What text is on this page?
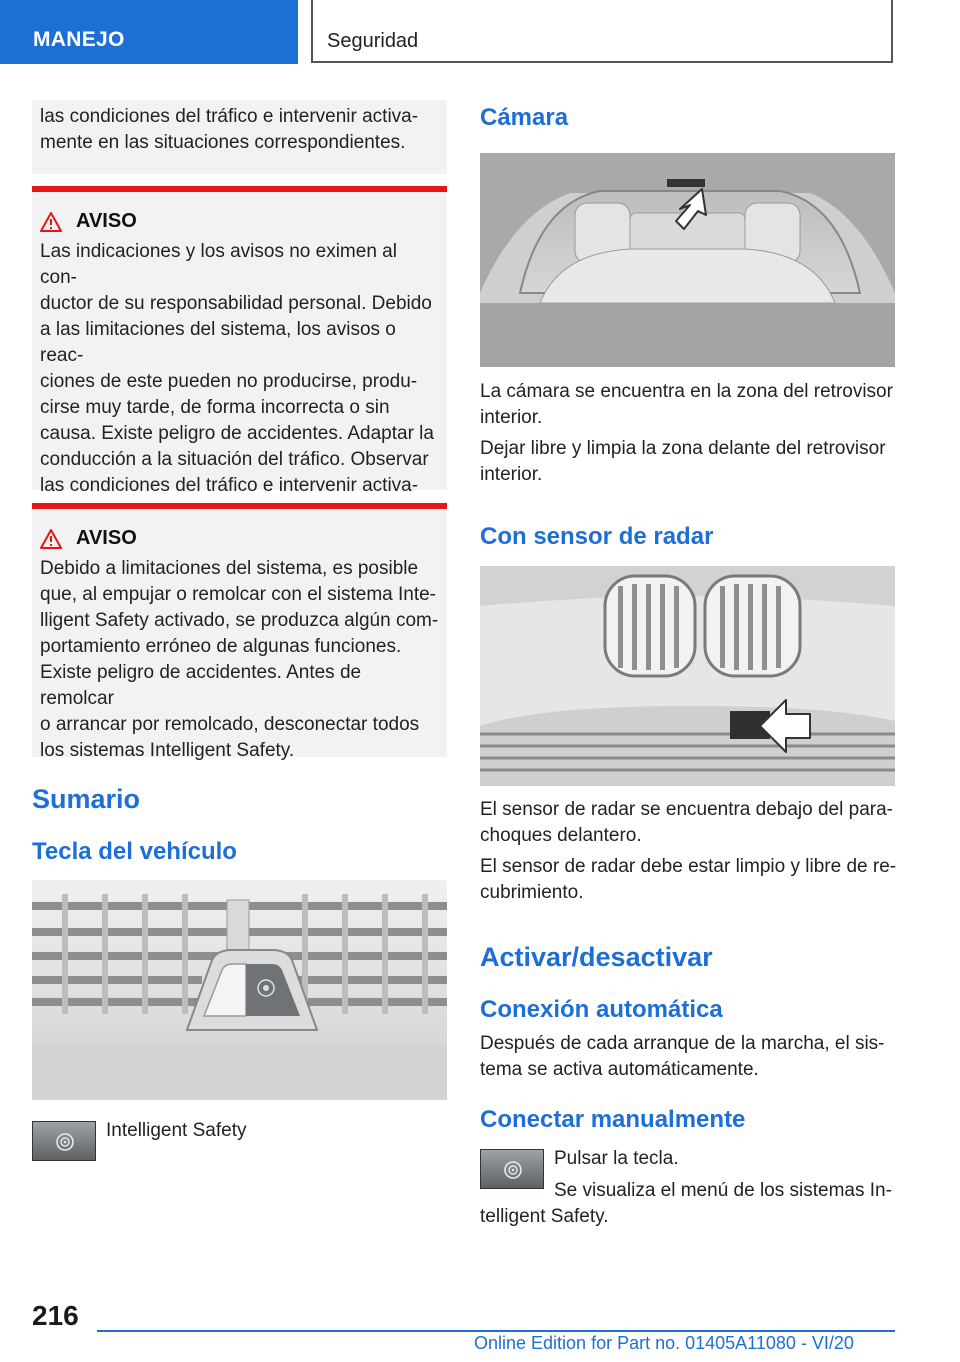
MANEJO	Seguridad
las condiciones del tráfico e intervenir activa-
mente en las situaciones correspondientes.
AVISO
Las indicaciones y los avisos no eximen al con-
ductor de su responsabilidad personal. Debido
a las limitaciones del sistema, los avisos o reac-
ciones de este pueden no producirse, produ-
cirse muy tarde, de forma incorrecta o sin
causa. Existe peligro de accidentes. Adaptar la
conducción a la situación del tráfico. Observar
las condiciones del tráfico e intervenir activa-

AVISO
Debido a limitaciones del sistema, es posible
que, al empujar o remolcar con el sistema Inte-
lligent Safety activado, se produzca algún com-
portamiento erróneo de algunas funciones.
Existe peligro de accidentes. Antes de remolcar
o arrancar por remolcado, desconectar todos
los sistemas Intelligent Safety.
Sumario
Tecla del vehículo
Intelligent Safety
Cámara
La cámara se encuentra en la zona del retrovisor
interior.
Dejar libre y limpia la zona delante del retrovisor
interior.
Con sensor de radar
El sensor de radar se encuentra debajo del para-
choques delantero.
El sensor de radar debe estar limpio y libre de re-
cubrimiento.
Activar/desactivar
Conexión automática
Después de cada arranque de la marcha, el sis-
tema se activa automáticamente.
Conectar manualmente
Pulsar la tecla.
Se visualiza el menú de los sistemas In-
telligent Safety.
216
Online Edition for Part no. 01405A11080 - VI/20
